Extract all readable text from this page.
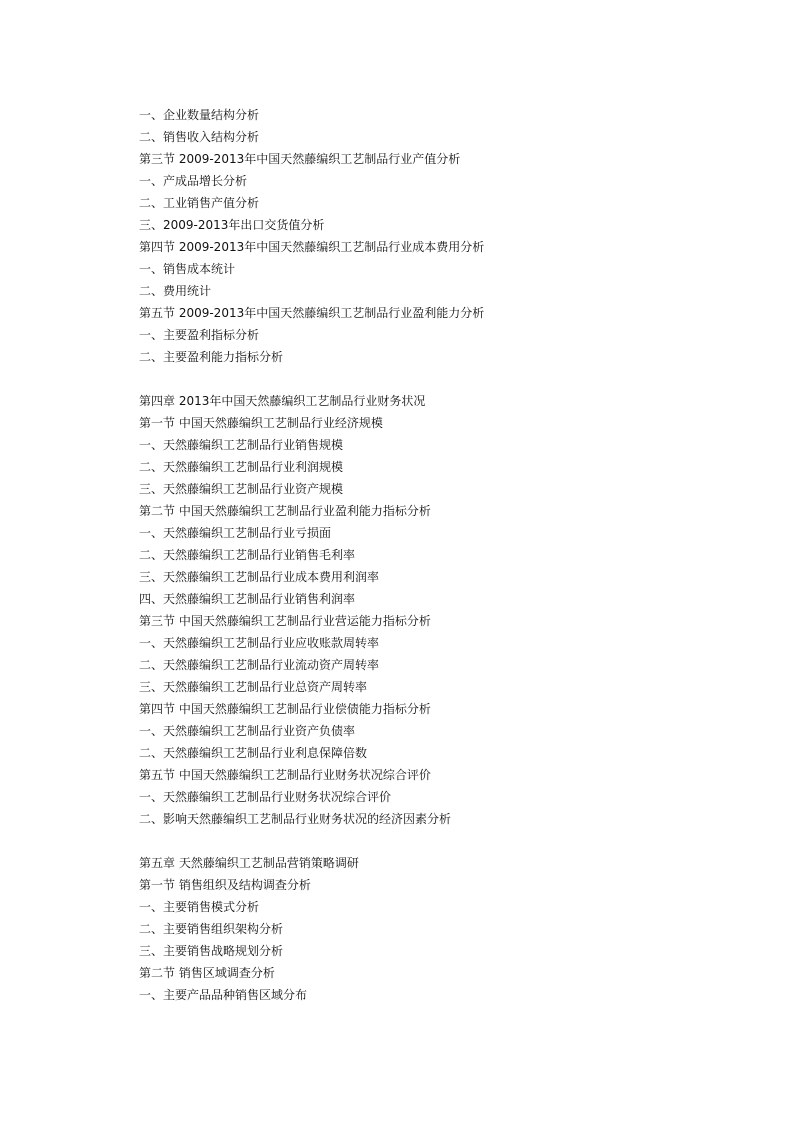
一、企业数量结构分析
二、销售收入结构分析
第三节 2009-2013年中国天然藤编织工艺制品行业产值分析
一、产成品增长分析
二、工业销售产值分析
三、2009-2013年出口交货值分析
第四节 2009-2013年中国天然藤编织工艺制品行业成本费用分析
一、销售成本统计
二、费用统计
第五节 2009-2013年中国天然藤编织工艺制品行业盈利能力分析
一、主要盈利指标分析
二、主要盈利能力指标分析
第四章 2013年中国天然藤编织工艺制品行业财务状况
第一节 中国天然藤编织工艺制品行业经济规模
一、天然藤编织工艺制品行业销售规模
二、天然藤编织工艺制品行业利润规模
三、天然藤编织工艺制品行业资产规模
第二节 中国天然藤编织工艺制品行业盈利能力指标分析
一、天然藤编织工艺制品行业亏损面
二、天然藤编织工艺制品行业销售毛利率
三、天然藤编织工艺制品行业成本费用利润率
四、天然藤编织工艺制品行业销售利润率
第三节 中国天然藤编织工艺制品行业营运能力指标分析
一、天然藤编织工艺制品行业应收账款周转率
二、天然藤编织工艺制品行业流动资产周转率
三、天然藤编织工艺制品行业总资产周转率
第四节 中国天然藤编织工艺制品行业偿债能力指标分析
一、天然藤编织工艺制品行业资产负债率
二、天然藤编织工艺制品行业利息保障倍数
第五节 中国天然藤编织工艺制品行业财务状况综合评价
一、天然藤编织工艺制品行业财务状况综合评价
二、影响天然藤编织工艺制品行业财务状况的经济因素分析
第五章 天然藤编织工艺制品营销策略调研
第一节 销售组织及结构调查分析
一、主要销售模式分析
二、主要销售组织架构分析
三、主要销售战略规划分析
第二节 销售区域调查分析
一、主要产品品种销售区域分布
